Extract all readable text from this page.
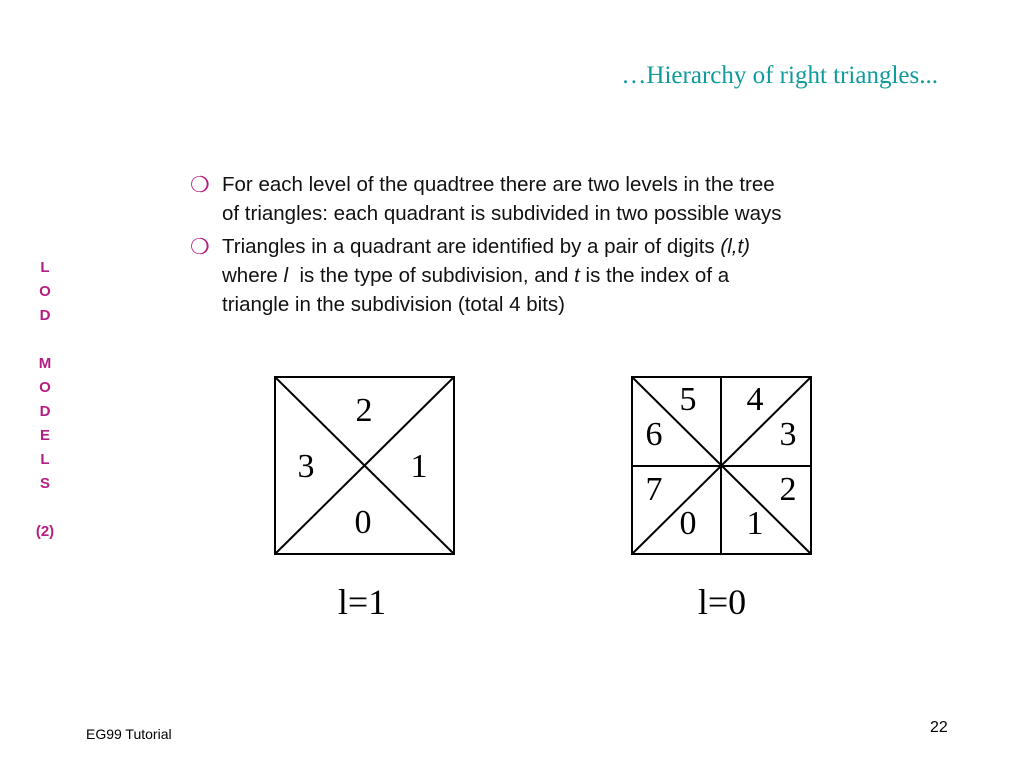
…Hierarchy of right triangles...
L
O
D
M
O
D
E
L
S
(2)
❍ For each level of the quadtree there are two levels in the tree
of triangles: each quadrant is subdivided in two possible ways
❍ Triangles in a quadrant are identified by a pair of digits (l,t)
where l  is the type of subdivision, and t is the index of a
triangle in the subdivision (total 4 bits)
2
1
0
3
l=1
5 4
6	3
7	2
0 1
l=0
EG99 Tutorial	22
